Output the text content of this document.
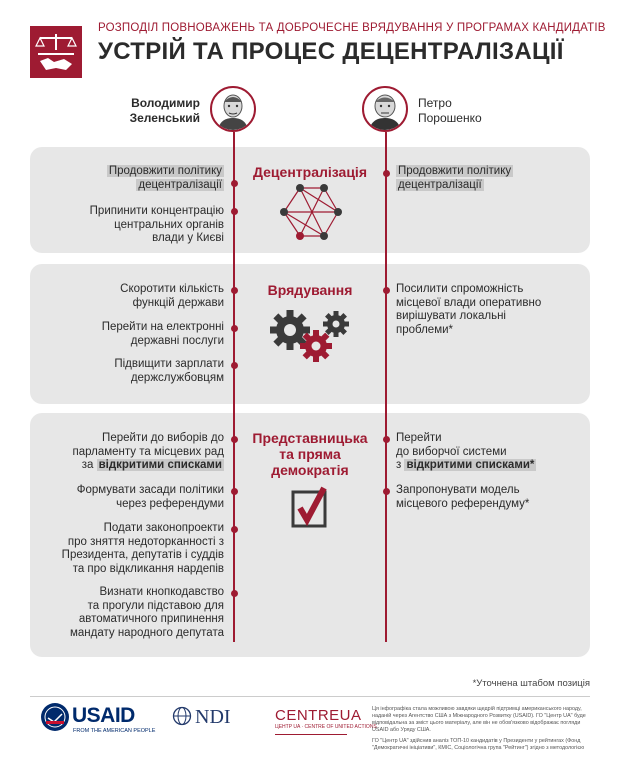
РОЗПОДІЛ ПОВНОВАЖЕНЬ ТА ДОБРОЧЕСНЕ ВРЯДУВАННЯ У ПРОГРАМАХ КАНДИДАТІВ
УСТРІЙ ТА ПРОЦЕС ДЕЦЕНТРАЛІЗАЦІЇ
Володимир
Зеленський
Петро
Порошенко
Децентралізація
Продовжити політику
децентралізації
Припинити концентрацію
центральних органів
влади у Києві
Продовжити політику
децентралізації
Врядування
Скоротити кількість
функцій держави
Перейти на електронні
державні послуги
Підвищити зарплати
держслужбовцям
Посилити спроможність
місцевої влади оперативно
вирішувати локальні
проблеми*
Представницька
та пряма
демократія
Перейти до виборів до
парламенту та місцевих рад
за відкритими списками
Формувати засади політики
через референдуми
Подати законопроекти
про зняття недоторканності з
Президента, депутатів і суддів
та про відкликання нардепів
Визнати кнопкодавство
та прогули підставою для
автоматичного припинення
мандату народного депутата
Перейти
до виборчої системи
з відкритими списками*
Запропонувати модель
місцевого референдуму*
*Уточнена штабом позиція
USAID
FROM THE AMERICAN PEOPLE
NDI	CENTREUA
ЦЕНТР UA · CENTRE OF UNITED ACTIONS
Ця інфографіка стала можливою завдяки щедрій підтримці американського народу, наданій через Агентство США з Міжнародного Розвитку (USAID). ГО "Центр UA" буде відповідальна за зміст цього матеріалу, але він не обов'язково відображає погляди USAID або Уряду США.
ГО "Центр UA" здійснив аналіз ТОП-10 кандидатів у Президенти у рейтингах (Фонд "Демократичні ініціативи", КМІС, Соціологічна група "Рейтинг") згідно з методологією
